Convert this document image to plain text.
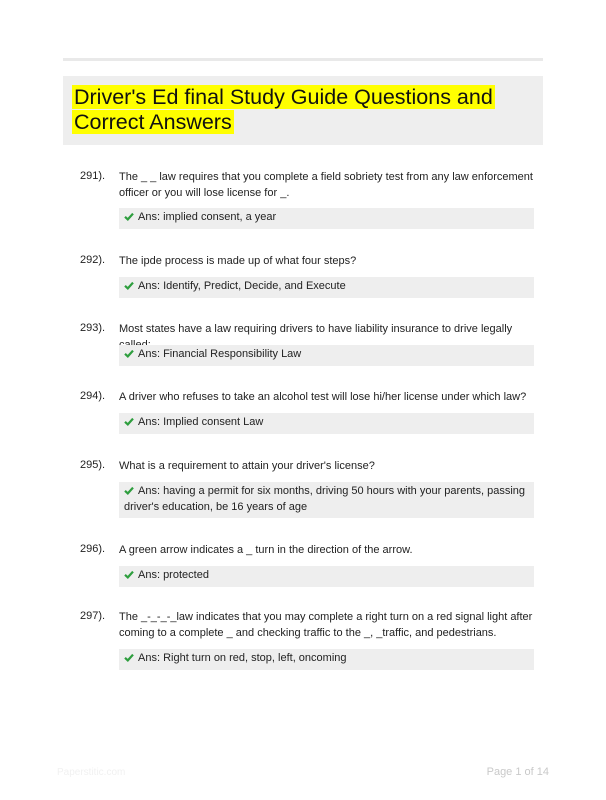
Driver's Ed final Study Guide Questions and Correct Answers
291). The _ _ law requires that you complete a field sobriety test from any law enforcement officer or you will lose license for _.
Ans: implied consent, a year
292). The ipde process is made up of what four steps?
Ans: Identify, Predict, Decide, and Execute
293). Most states have a law requiring drivers to have liability insurance to drive legally
Ans: Financial Responsibility Law
294). A driver who refuses to take an alcohol test will lose hi/her license under which law?
Ans: Implied consent Law
295). What is a requirement to attain your driver's license?
Ans: having a permit for six months, driving 50 hours with your parents, passing driver's education, be 16 years of age
296). A green arrow indicates a _ turn in the direction of the arrow.
Ans: protected
297). The _-_-_-_law indicates that you may complete a right turn on a red signal light after coming to a complete _ and checking traffic to the _, _traffic, and pedestrians.
Ans: Right turn on red, stop, left, oncoming
Paperstitic.com	Page 1 of 14
